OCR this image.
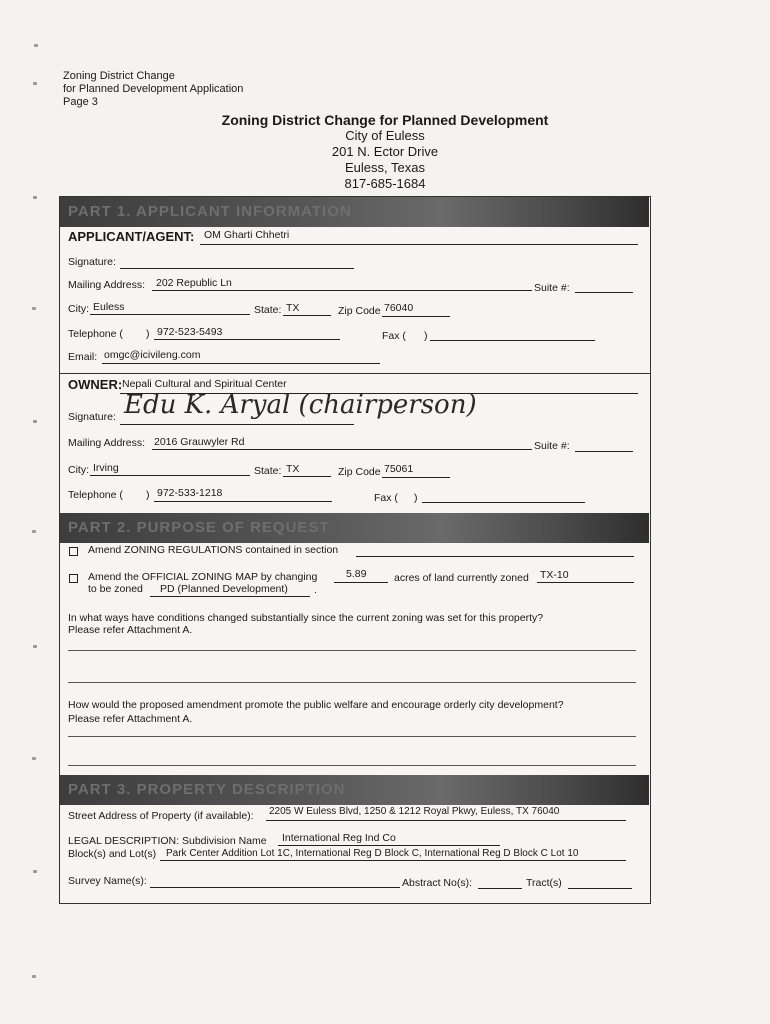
Zoning District Change
for Planned Development Application
Page 3
Zoning District Change for Planned Development
City of Euless
201 N. Ector Drive
Euless, Texas
817-685-1684
PART 1. APPLICANT INFORMATION
APPLICANT/AGENT: OM Gharti Chhetri
Signature:
Mailing Address: 202 Republic Ln	Suite #:
City: Euless	State: TX	Zip Code 76040
Telephone ( ) 972-523-5493	Fax ( )
Email: omgc@icivileng.com
OWNER: Nepali Cultural and Spiritual Center
Signature: Edu K. Aryal (chairperson)
Mailing Address: 2016 Grauwyler Rd	Suite #:
City: Irving	State: TX	Zip Code 75061
Telephone ( ) 972-533-1218	Fax ( )
PART 2. PURPOSE OF REQUEST
Amend ZONING REGULATIONS contained in section
Amend the OFFICIAL ZONING MAP by changing	5.89	acres of land currently zoned TX-10
to be zoned PD (Planned Development) .
In what ways have conditions changed substantially since the current zoning was set for this property?
Please refer Attachment A.
How would the proposed amendment promote the public welfare and encourage orderly city development?
Please refer Attachment A.
PART 3. PROPERTY DESCRIPTION
Street Address of Property (if available): 2205 W Euless Blvd, 1250 & 1212 Royal Pkwy, Euless, TX 76040
LEGAL DESCRIPTION: Subdivision Name International Reg Ind Co
Block(s) and Lot(s) Park Center Addition Lot 1C, International Reg D Block C, International Reg D Block C Lot 10
Survey Name(s):	Abstract No(s):	Tract(s)
